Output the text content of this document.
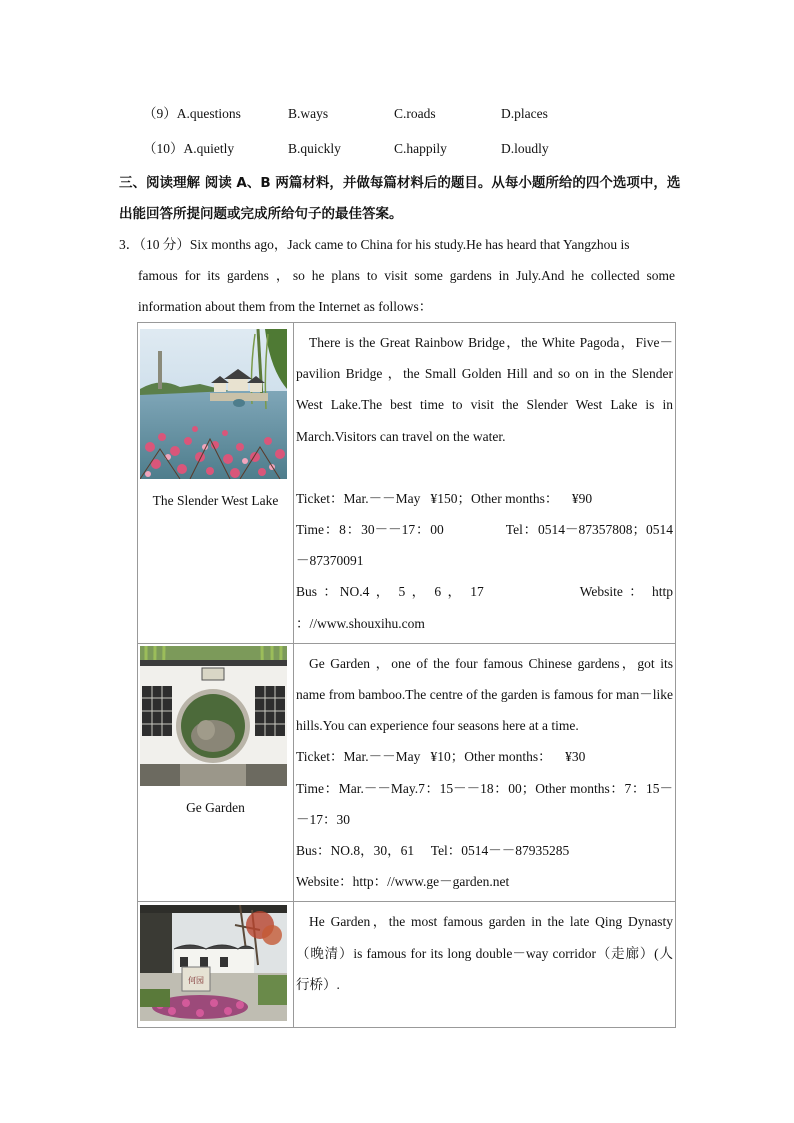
（9）A.questions	B.ways	C.roads	D.places
（10）A.quietly	B.quickly	C.happily	D.loudly
三、阅读理解 阅读 A、B 两篇材料，并做每篇材料后的题目。从每小题所给的四个选项中，选出能回答所提问题或完成所给句子的最佳答案。
3．（10 分）Six months ago，Jack came to China for his study.He has heard that Yangzhou is
famous for its gardens ，so he plans to visit some gardens in July.And he collected some information about them from the Internet as follows：
The Slender West Lake	There is the Great Rainbow Bridge，the White Pagoda，Five－pavilion Bridge ，the Small Golden Hill and so on in the Slender West Lake.The best time to visit the Slender West Lake is in March.Visitors can travel on the water.
Ticket：Mar.－－May   ¥150；Other months：    ¥90
Time：8：30－－17：00 Tel：0514－87357808；0514－87370091
Bus ：NO.4 ， 5 ， 6 ， 17 Website ： http ：//www.shouxihu.com

Ge Garden	Ge Garden ，one of the four famous Chinese gardens，got its name from bamboo.The centre of the garden is famous for man－like hills.You can experience four seasons here at a time.
Ticket：Mar.－－May   ¥10；Other months：    ¥30
Time：Mar.－－May.7：15－－18：00；Other months：7：15－－17：30
Bus：NO.8，30，61     Tel：0514－－87935285
Website：http：//www.ge－garden.net

何园	He Garden，the most famous garden in the late Qing Dynasty（晚清）is famous for its long double－way corridor（走廊）(人行桥）.
